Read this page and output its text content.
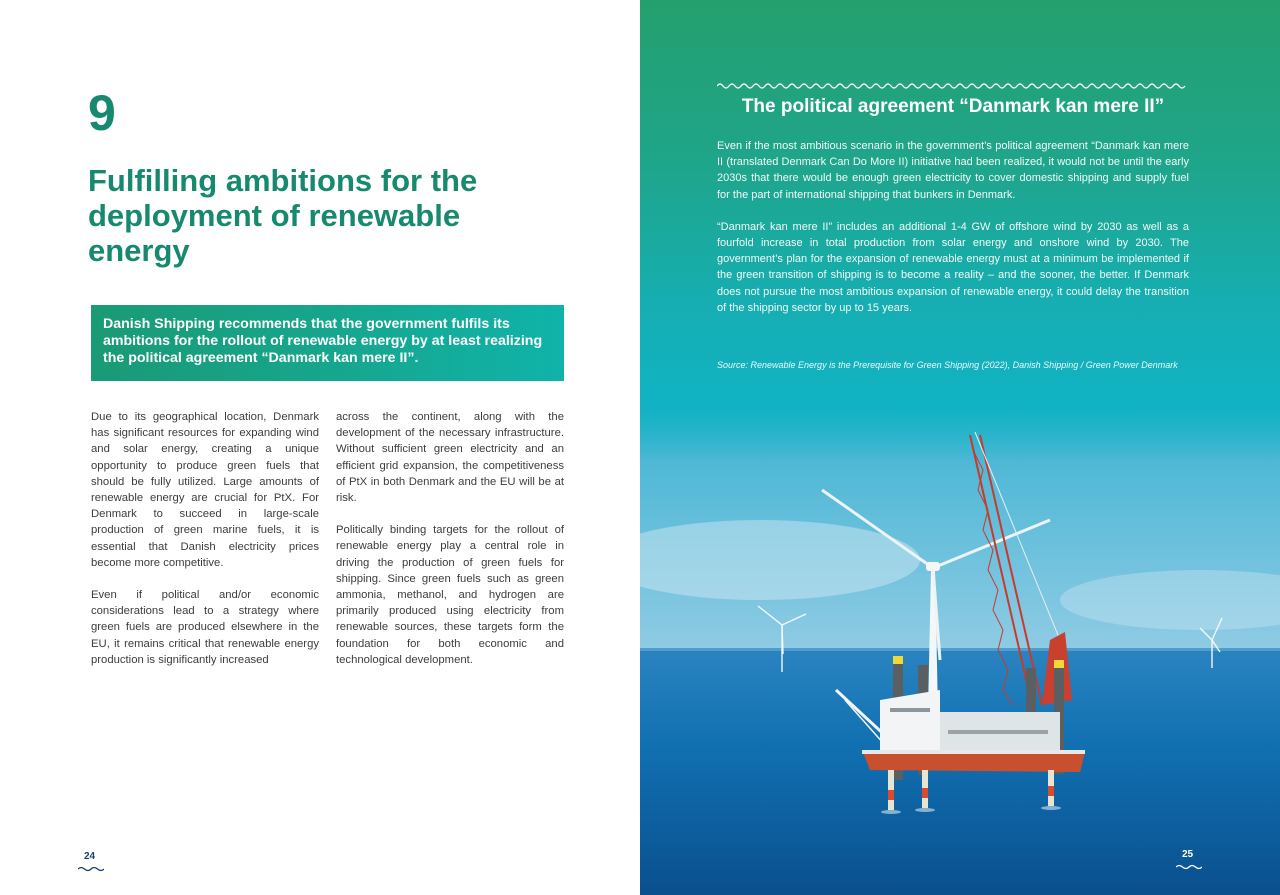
9
Fulfilling ambitions for the
deployment of renewable
energy

Danish Shipping recommends that the government fulfils its ambitions for the rollout of renewable energy by at least realizing the political agreement “Danmark kan mere II”.

Due to its geographical location, Denmark has significant resources for expanding wind and solar energy, creating a unique opportunity to produce green fuels that should be fully utilized. Large amounts of renewable energy are crucial for PtX. For Denmark to succeed in large-scale production of green marine fuels, it is essential that Danish electricity prices become more competitive.

Even if political and/or economic considerations lead to a strategy where green fuels are produced elsewhere in the EU, it remains critical that renewable energy production is significantly increased

across the continent, along with the development of the necessary infrastructure. Without sufficient green electricity and an efficient grid expansion, the competitiveness of PtX in both Denmark and the EU will be at risk.

Politically binding targets for the rollout of renewable energy play a central role in driving the production of green fuels for shipping. Since green fuels such as green ammonia, methanol, and hydrogen are primarily produced using electricity from renewable sources, these targets form the foundation for both economic and technological development.

24
The political agreement “Danmark kan mere II”

Even if the most ambitious scenario in the government’s political agreement “Danmark kan mere II (translated Denmark Can Do More II) initiative had been realized, it would not be until the early 2030s that there would be enough green electricity to cover domestic shipping and supply fuel for the part of international shipping that bunkers in Denmark.

“Danmark kan mere II” includes an additional 1-4 GW of offshore wind by 2030 as well as a fourfold increase in total production from solar energy and onshore wind by 2030. The government’s plan for the expansion of renewable energy must at a minimum be implemented if the green transition of shipping is to become a reality – and the sooner, the better. If Denmark does not pursue the most ambitious expansion of renewable energy, it could delay the transition of the shipping sector by up to 15 years.

Source: Renewable Energy is the Prerequisite for Green Shipping (2022), Danish Shipping / Green Power Denmark
25
